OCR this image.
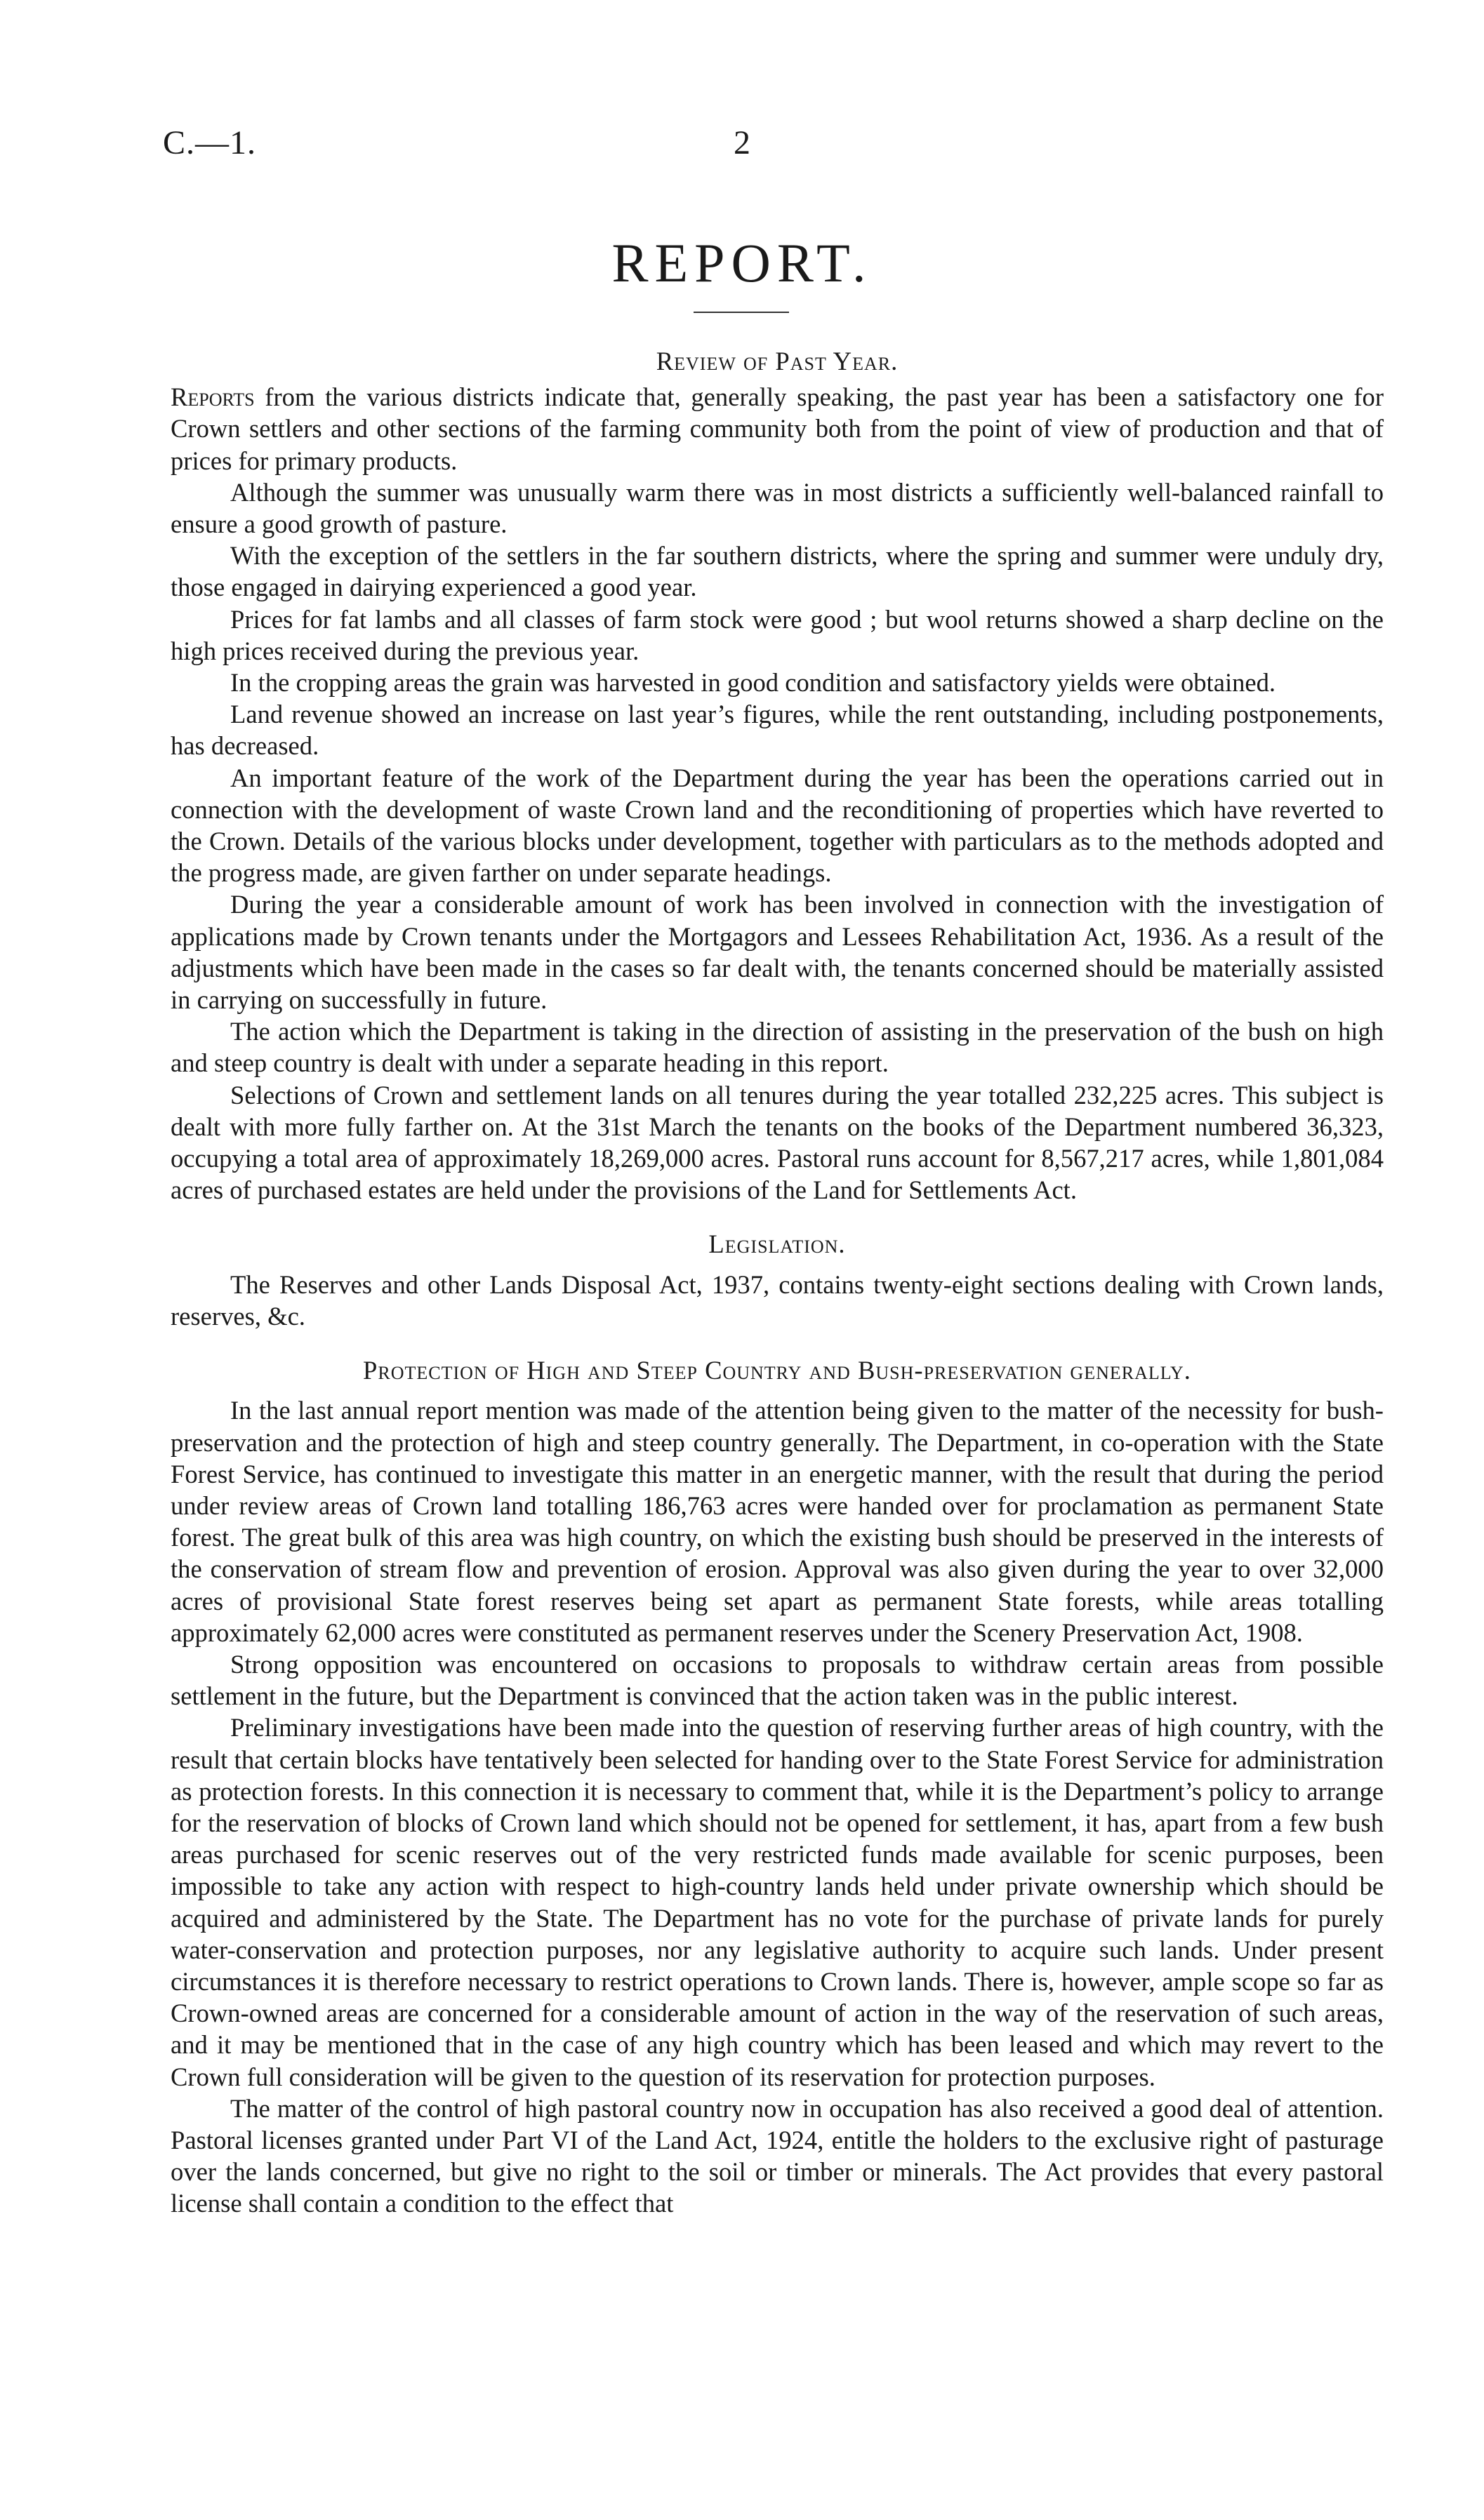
C.—1.	2
REPORT.
Review of Past Year.

Reports from the various districts indicate that, generally speaking, the past year has been a satisfactory one for Crown settlers and other sections of the farming community both from the point of view of production and that of prices for primary products.

Although the summer was unusually warm there was in most districts a sufficiently well-balanced rainfall to ensure a good growth of pasture.

With the exception of the settlers in the far southern districts, where the spring and summer were unduly dry, those engaged in dairying experienced a good year.

Prices for fat lambs and all classes of farm stock were good ; but wool returns showed a sharp decline on the high prices received during the previous year.

In the cropping areas the grain was harvested in good condition and satisfactory yields were obtained.

Land revenue showed an increase on last year’s figures, while the rent outstanding, including postponements, has decreased.

An important feature of the work of the Department during the year has been the operations carried out in connection with the development of waste Crown land and the reconditioning of properties which have reverted to the Crown. Details of the various blocks under development, together with particulars as to the methods adopted and the progress made, are given farther on under separate headings.

During the year a considerable amount of work has been involved in connection with the investigation of applications made by Crown tenants under the Mortgagors and Lessees Rehabilitation Act, 1936. As a result of the adjustments which have been made in the cases so far dealt with, the tenants concerned should be materially assisted in carrying on successfully in future.

The action which the Department is taking in the direction of assisting in the preservation of the bush on high and steep country is dealt with under a separate heading in this report.

Selections of Crown and settlement lands on all tenures during the year totalled 232,225 acres. This subject is dealt with more fully farther on. At the 31st March the tenants on the books of the Department numbered 36,323, occupying a total area of approximately 18,269,000 acres. Pastoral runs account for 8,567,217 acres, while 1,801,084 acres of purchased estates are held under the provisions of the Land for Settlements Act.

Legislation.

The Reserves and other Lands Disposal Act, 1937, contains twenty-eight sections dealing with Crown lands, reserves, &c.

Protection of High and Steep Country and Bush-preservation generally.

In the last annual report mention was made of the attention being given to the matter of the necessity for bush-preservation and the protection of high and steep country generally. The Department, in co-operation with the State Forest Service, has continued to investigate this matter in an energetic manner, with the result that during the period under review areas of Crown land totalling 186,763 acres were handed over for proclamation as permanent State forest. The great bulk of this area was high country, on which the existing bush should be preserved in the interests of the conservation of stream flow and prevention of erosion. Approval was also given during the year to over 32,000 acres of provisional State forest reserves being set apart as permanent State forests, while areas totalling approximately 62,000 acres were constituted as permanent reserves under the Scenery Preservation Act, 1908.

Strong opposition was encountered on occasions to proposals to withdraw certain areas from possible settlement in the future, but the Department is convinced that the action taken was in the public interest.

Preliminary investigations have been made into the question of reserving further areas of high country, with the result that certain blocks have tentatively been selected for handing over to the State Forest Service for administration as protection forests. In this connection it is necessary to comment that, while it is the Department’s policy to arrange for the reservation of blocks of Crown land which should not be opened for settlement, it has, apart from a few bush areas purchased for scenic reserves out of the very restricted funds made available for scenic purposes, been impossible to take any action with respect to high-country lands held under private ownership which should be acquired and administered by the State. The Department has no vote for the purchase of private lands for purely water-conservation and protection purposes, nor any legislative authority to acquire such lands. Under present circumstances it is therefore necessary to restrict operations to Crown lands. There is, however, ample scope so far as Crown-owned areas are concerned for a considerable amount of action in the way of the reservation of such areas, and it may be mentioned that in the case of any high country which has been leased and which may revert to the Crown full consideration will be given to the question of its reservation for protection purposes.

The matter of the control of high pastoral country now in occupation has also received a good deal of attention. Pastoral licenses granted under Part VI of the Land Act, 1924, entitle the holders to the exclusive right of pasturage over the lands concerned, but give no right to the soil or timber or minerals. The Act provides that every pastoral license shall contain a condition to the effect that
